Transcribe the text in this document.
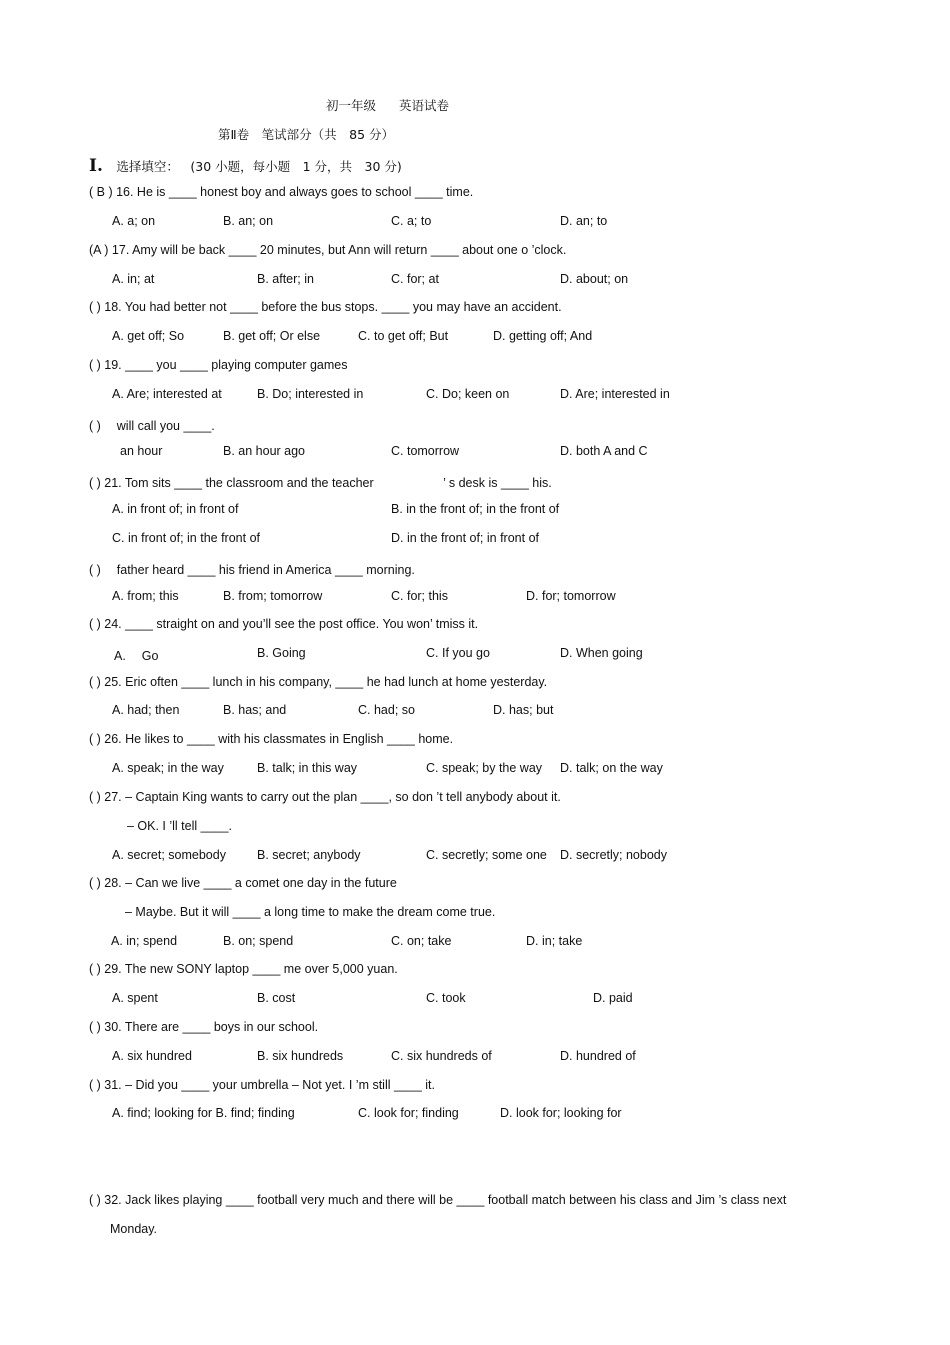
初一年级 英语试卷
第Ⅱ卷　笔试部分（共　85 分）
I. 选择填空： (30 小题，每小题　1 分，共　30 分)
( B ) 16. He is ____ honest boy and always goes to school ____ time.
A. a; on	B. an; on	C. a; to	D. an; to
(A ) 17. Amy will be back ____ 20 minutes, but Ann will return ____ about one o ’clock.
A. in; at	B. after; in	C. for; at	D. about; on
( ) 18. You had better not ____ before the bus stops. ____ you may have an accident.
A. get off; So	B. get off; Or else	C. to get off; But	D. getting off; And
( ) 19. ____ you ____ playing computer games
A. Are; interested at	B. Do; interested in	C. Do; keen on	D. Are; interested in
( )　 will call you ____.
an hour	B. an hour ago	C. tomorrow	D. both A and C
( ) 21. Tom sits ____ the classroom and the teacher 　　　　　 ’ s desk is ____ his.
A. in front of; in front of	B. in the front of; in the front of
C. in front of; in the front of	D. in the front of; in front of
( )　 father heard ____ his friend in America ____ morning.
A. from; this	B. from; tomorrow	C. for; this	D. for; tomorrow
( ) 24. ____ straight on and you’ll see the post office. You won’ tmiss it.
A.　 Go	B. Going	C. If you go	D. When going
( ) 25. Eric often ____ lunch in his company, ____ he had lunch at home yesterday.
A. had; then	B. has; and	C. had; so	D. has; but
( ) 26. He likes to ____ with his classmates in English ____ home.
A. speak; in the way	B. talk; in this way	C. speak; by the way D. talk; on the way
( ) 27. – Captain King wants to carry out the plan ____, so don ’t tell anybody about it.
– OK. I ’ll tell ____.
A. secret; somebody B. secret; anybody	C. secretly; some one D. secretly; nobody
( ) 28. – Can we live ____ a comet one day in the future
– Maybe. But it will ____ a long time to make the dream come true.
A. in; spend	B. on; spend	C. on; take	D. in; take
( ) 29. The new SONY laptop ____ me over 5,000 yuan.
A. spent	B. cost	C. took	D. paid
( ) 30. There are ____ boys in our school.
A. six hundred	B. six hundreds	C. six hundreds of	D. hundred of
( ) 31. – Did you ____ your umbrella – Not yet. I ’m still ____ it.
A. find; looking for B. find; finding	C. look for; finding	D. look for; looking for
( ) 32. Jack likes playing ____ football very much and there will be ____ football match between his class and Jim ’s class next
Monday.
